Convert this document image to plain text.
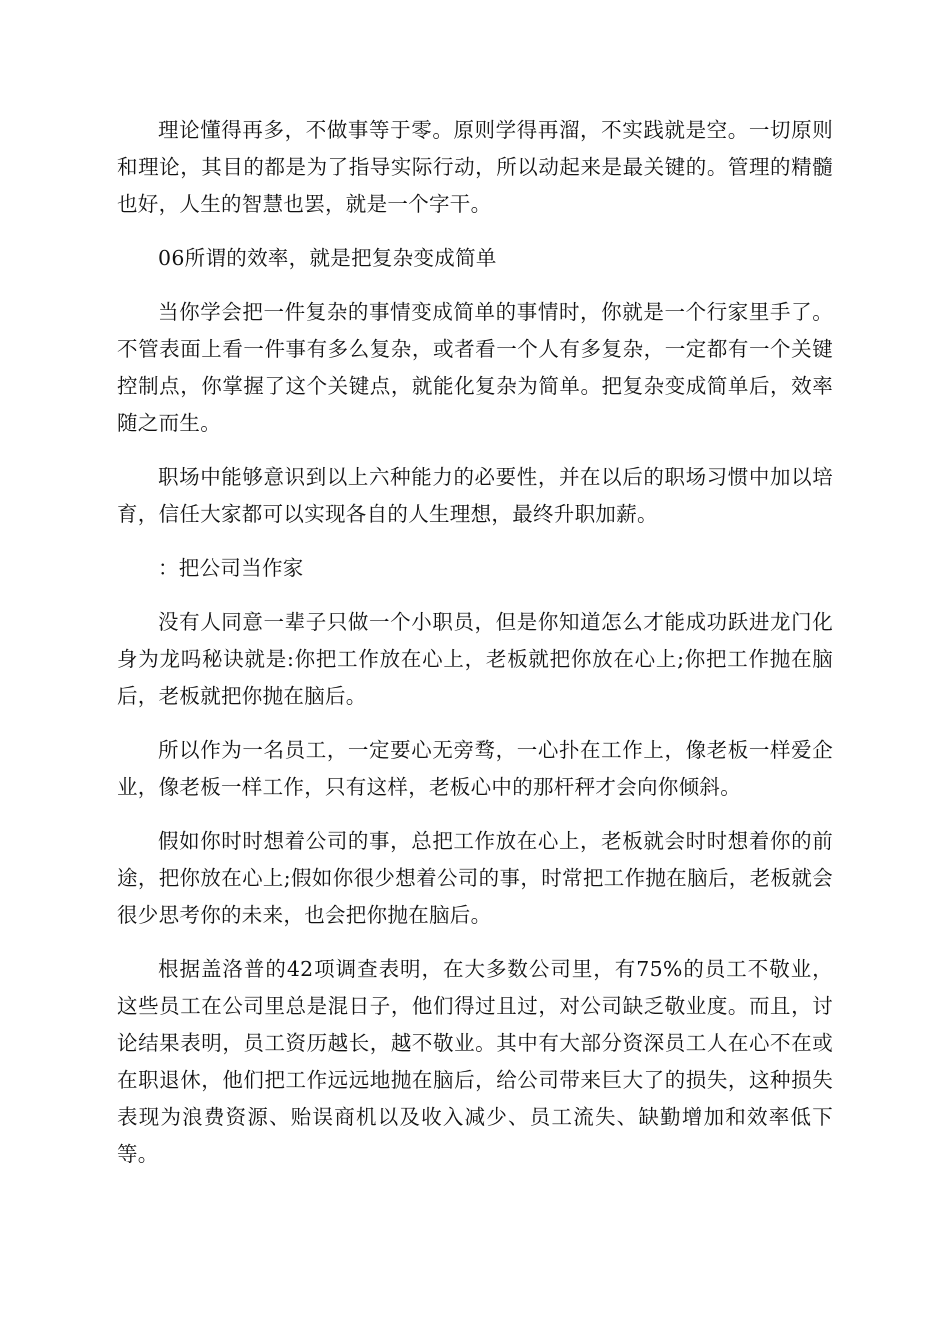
理论懂得再多，不做事等于零。原则学得再溜，不实践就是空。一切原则和理论，其目的都是为了指导实际行动，所以动起来是最关键的。管理的精髓也好，人生的智慧也罢，就是一个字干。

06所谓的效率，就是把复杂变成简单

当你学会把一件复杂的事情变成简单的事情时，你就是一个行家里手了。不管表面上看一件事有多么复杂，或者看一个人有多复杂，一定都有一个关键控制点，你掌握了这个关键点，就能化复杂为简单。把复杂变成简单后，效率随之而生。

职场中能够意识到以上六种能力的必要性，并在以后的职场习惯中加以培育，信任大家都可以实现各自的人生理想，最终升职加薪。

：把公司当作家

没有人同意一辈子只做一个小职员，但是你知道怎么才能成功跃进龙门化身为龙吗秘诀就是:你把工作放在心上，老板就把你放在心上;你把工作抛在脑后，老板就把你抛在脑后。

所以作为一名员工，一定要心无旁骛，一心扑在工作上，像老板一样爱企业，像老板一样工作，只有这样，老板心中的那杆秤才会向你倾斜。

假如你时时想着公司的事，总把工作放在心上，老板就会时时想着你的前途，把你放在心上;假如你很少想着公司的事，时常把工作抛在脑后，老板就会很少思考你的未来，也会把你抛在脑后。

根据盖洛普的42项调查表明，在大多数公司里，有75%的员工不敬业，这些员工在公司里总是混日子，他们得过且过，对公司缺乏敬业度。而且，讨论结果表明，员工资历越长，越不敬业。其中有大部分资深员工人在心不在或在职退休，他们把工作远远地抛在脑后，给公司带来巨大了的损失，这种损失表现为浪费资源、贻误商机以及收入减少、员工流失、缺勤增加和效率低下等。
